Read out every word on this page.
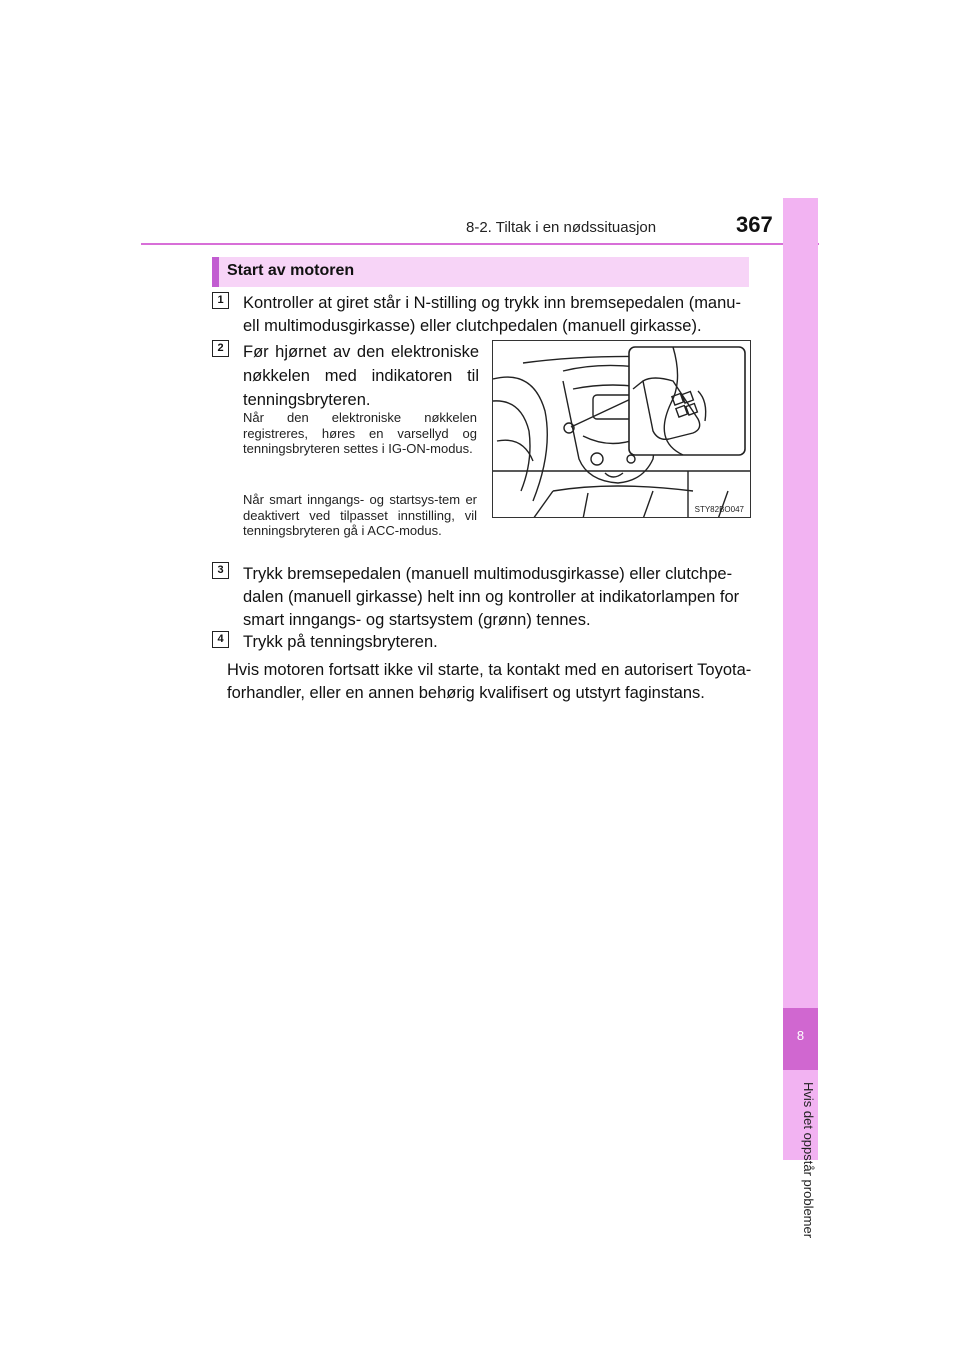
8-2. Tiltak i en nødssituasjon	367
8
Hvis det oppstår problemer
Start av motoren
1	Kontroller at giret står i N-stilling og trykk inn bremsepedalen (manu-
ell multimodusgirkasse) eller clutchpedalen (manuell girkasse).
2	Før hjørnet av den elektroniske
nøkkelen med indikatoren til
tenningsbryteren.
Når den elektroniske nøkkelen registreres, høres en varsellyd og tenningsbryteren settes i IG-ON-modus.
Når smart inngangs- og startsys-tem er deaktivert ved tilpasset innstilling, vil tenningsbryteren gå i ACC-modus.
STY82BO047
3	Trykk bremsepedalen (manuell multimodusgirkasse) eller clutchpe-
dalen (manuell girkasse) helt inn og kontroller at indikatorlampen for
smart inngangs- og startsystem (grønn) tennes.
4	Trykk på tenningsbryteren.
Hvis motoren fortsatt ikke vil starte, ta kontakt med en autorisert Toyota-
forhandler, eller en annen behørig kvalifisert og utstyrt faginstans.
